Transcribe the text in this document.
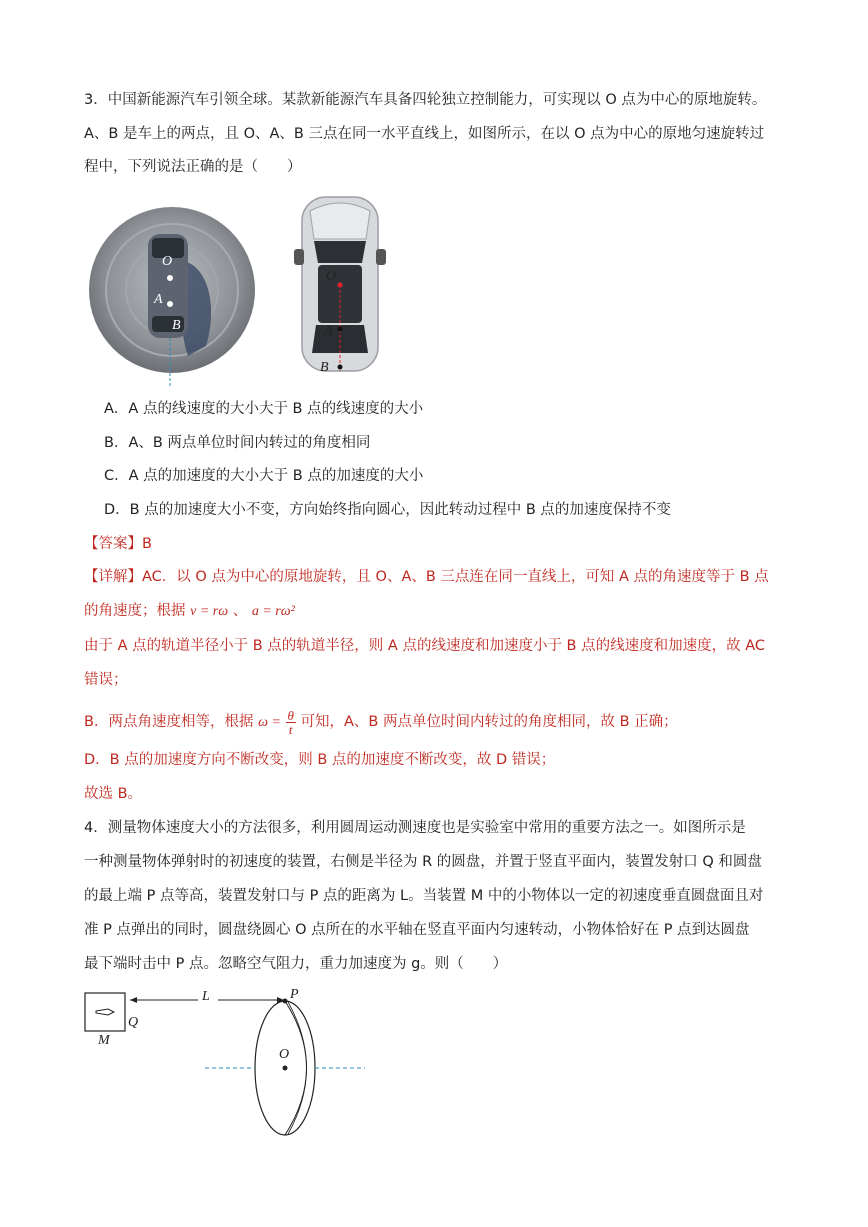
3．中国新能源汽车引领全球。某款新能源汽车具备四轮独立控制能力，可实现以 O 点为中心的原地旋转。
A、B 是车上的两点，且 O、A、B 三点在同一水平直线上，如图所示，在以 O 点为中心的原地匀速旋转过
程中，下列说法正确的是（　　）
O
A
B
O
A
B
A．A 点的线速度的大小大于 B 点的线速度的大小
B．A、B 两点单位时间内转过的角度相同
C．A 点的加速度的大小大于 B 点的加速度的大小
D．B 点的加速度大小不变，方向始终指向圆心，因此转动过程中 B 点的加速度保持不变
【答案】B
【详解】AC．以 O 点为中心的原地旋转，且 O、A、B 三点连在同一直线上，可知 A 点的角速度等于 B 点
的角速度；根据 v = rω 、 a = rω²
由于 A 点的轨道半径小于 B 点的轨道半径，则 A 点的线速度和加速度小于 B 点的线速度和加速度，故 AC
错误；
B．两点角速度相等，根据 $\omega = \frac{\theta}{t}$ 可知，A、B 两点单位时间内转过的角度相同，故 B 正确；
D．B 点的加速度方向不断改变，则 B 点的加速度不断改变，故 D 错误；
故选 B。
4．测量物体速度大小的方法很多，利用圆周运动测速度也是实验室中常用的重要方法之一。如图所示是
一种测量物体弹射时的初速度的装置，右侧是半径为 R 的圆盘，并置于竖直平面内，装置发射口 Q 和圆盘
的最上端 P 点等高，装置发射口与 P 点的距离为 L。当装置 M 中的小物体以一定的初速度垂直圆盘面且对
准 P 点弹出的同时，圆盘绕圆心 O 点所在的水平轴在竖直平面内匀速转动，小物体恰好在 P 点到达圆盘
最下端时击中 P 点。忽略空气阻力，重力加速度为 g。则（　　）
L	P
Q
M
O
